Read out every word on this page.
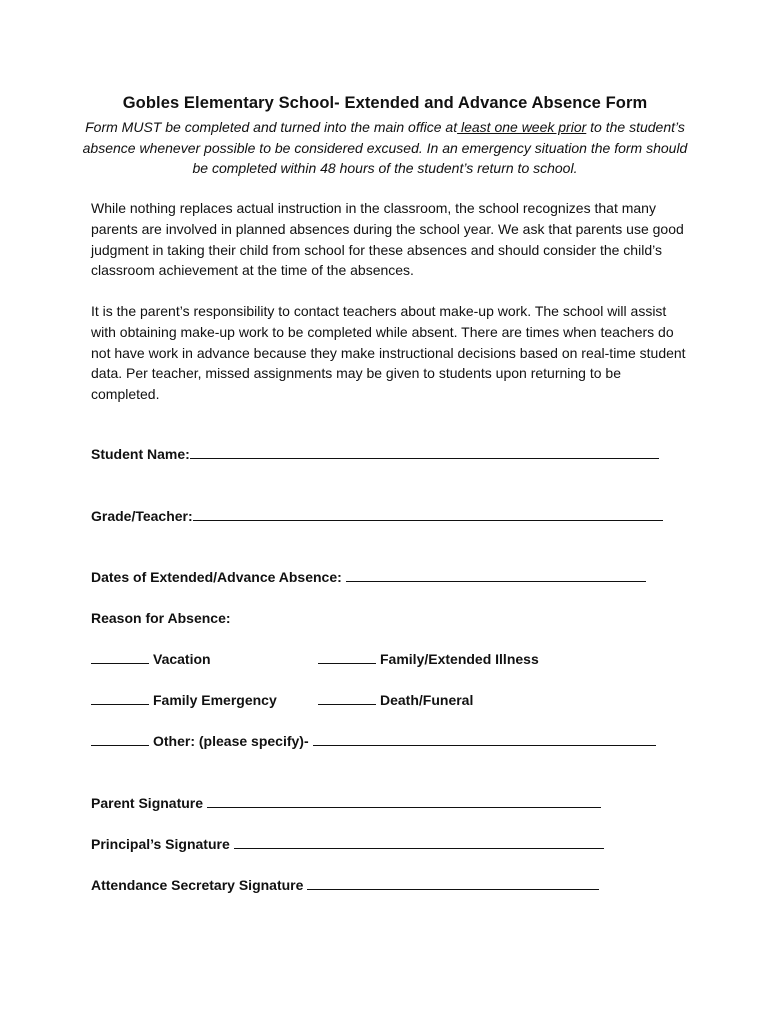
Gobles Elementary School- Extended and Advance Absence Form
Form MUST be completed and turned into the main office at least one week prior to the student’s absence whenever possible to be considered excused. In an emergency situation the form should be completed within 48 hours of the student’s return to school.
While nothing replaces actual instruction in the classroom, the school recognizes that many parents are involved in planned absences during the school year. We ask that parents use good judgment in taking their child from school for these absences and should consider the child’s classroom achievement at the time of the absences.
It is the parent’s responsibility to contact teachers about make-up work. The school will assist with obtaining make-up work to be completed while absent. There are times when teachers do not have work in advance because they make instructional decisions based on real-time student data. Per teacher, missed assignments may be given to students upon returning to be completed.
Student Name:
Grade/Teacher:
Dates of Extended/Advance Absence:
Reason for Absence:
Vacation	Family/Extended Illness
Family Emergency	Death/Funeral
Other: (please specify)-
Parent Signature
Principal’s Signature
Attendance Secretary Signature
